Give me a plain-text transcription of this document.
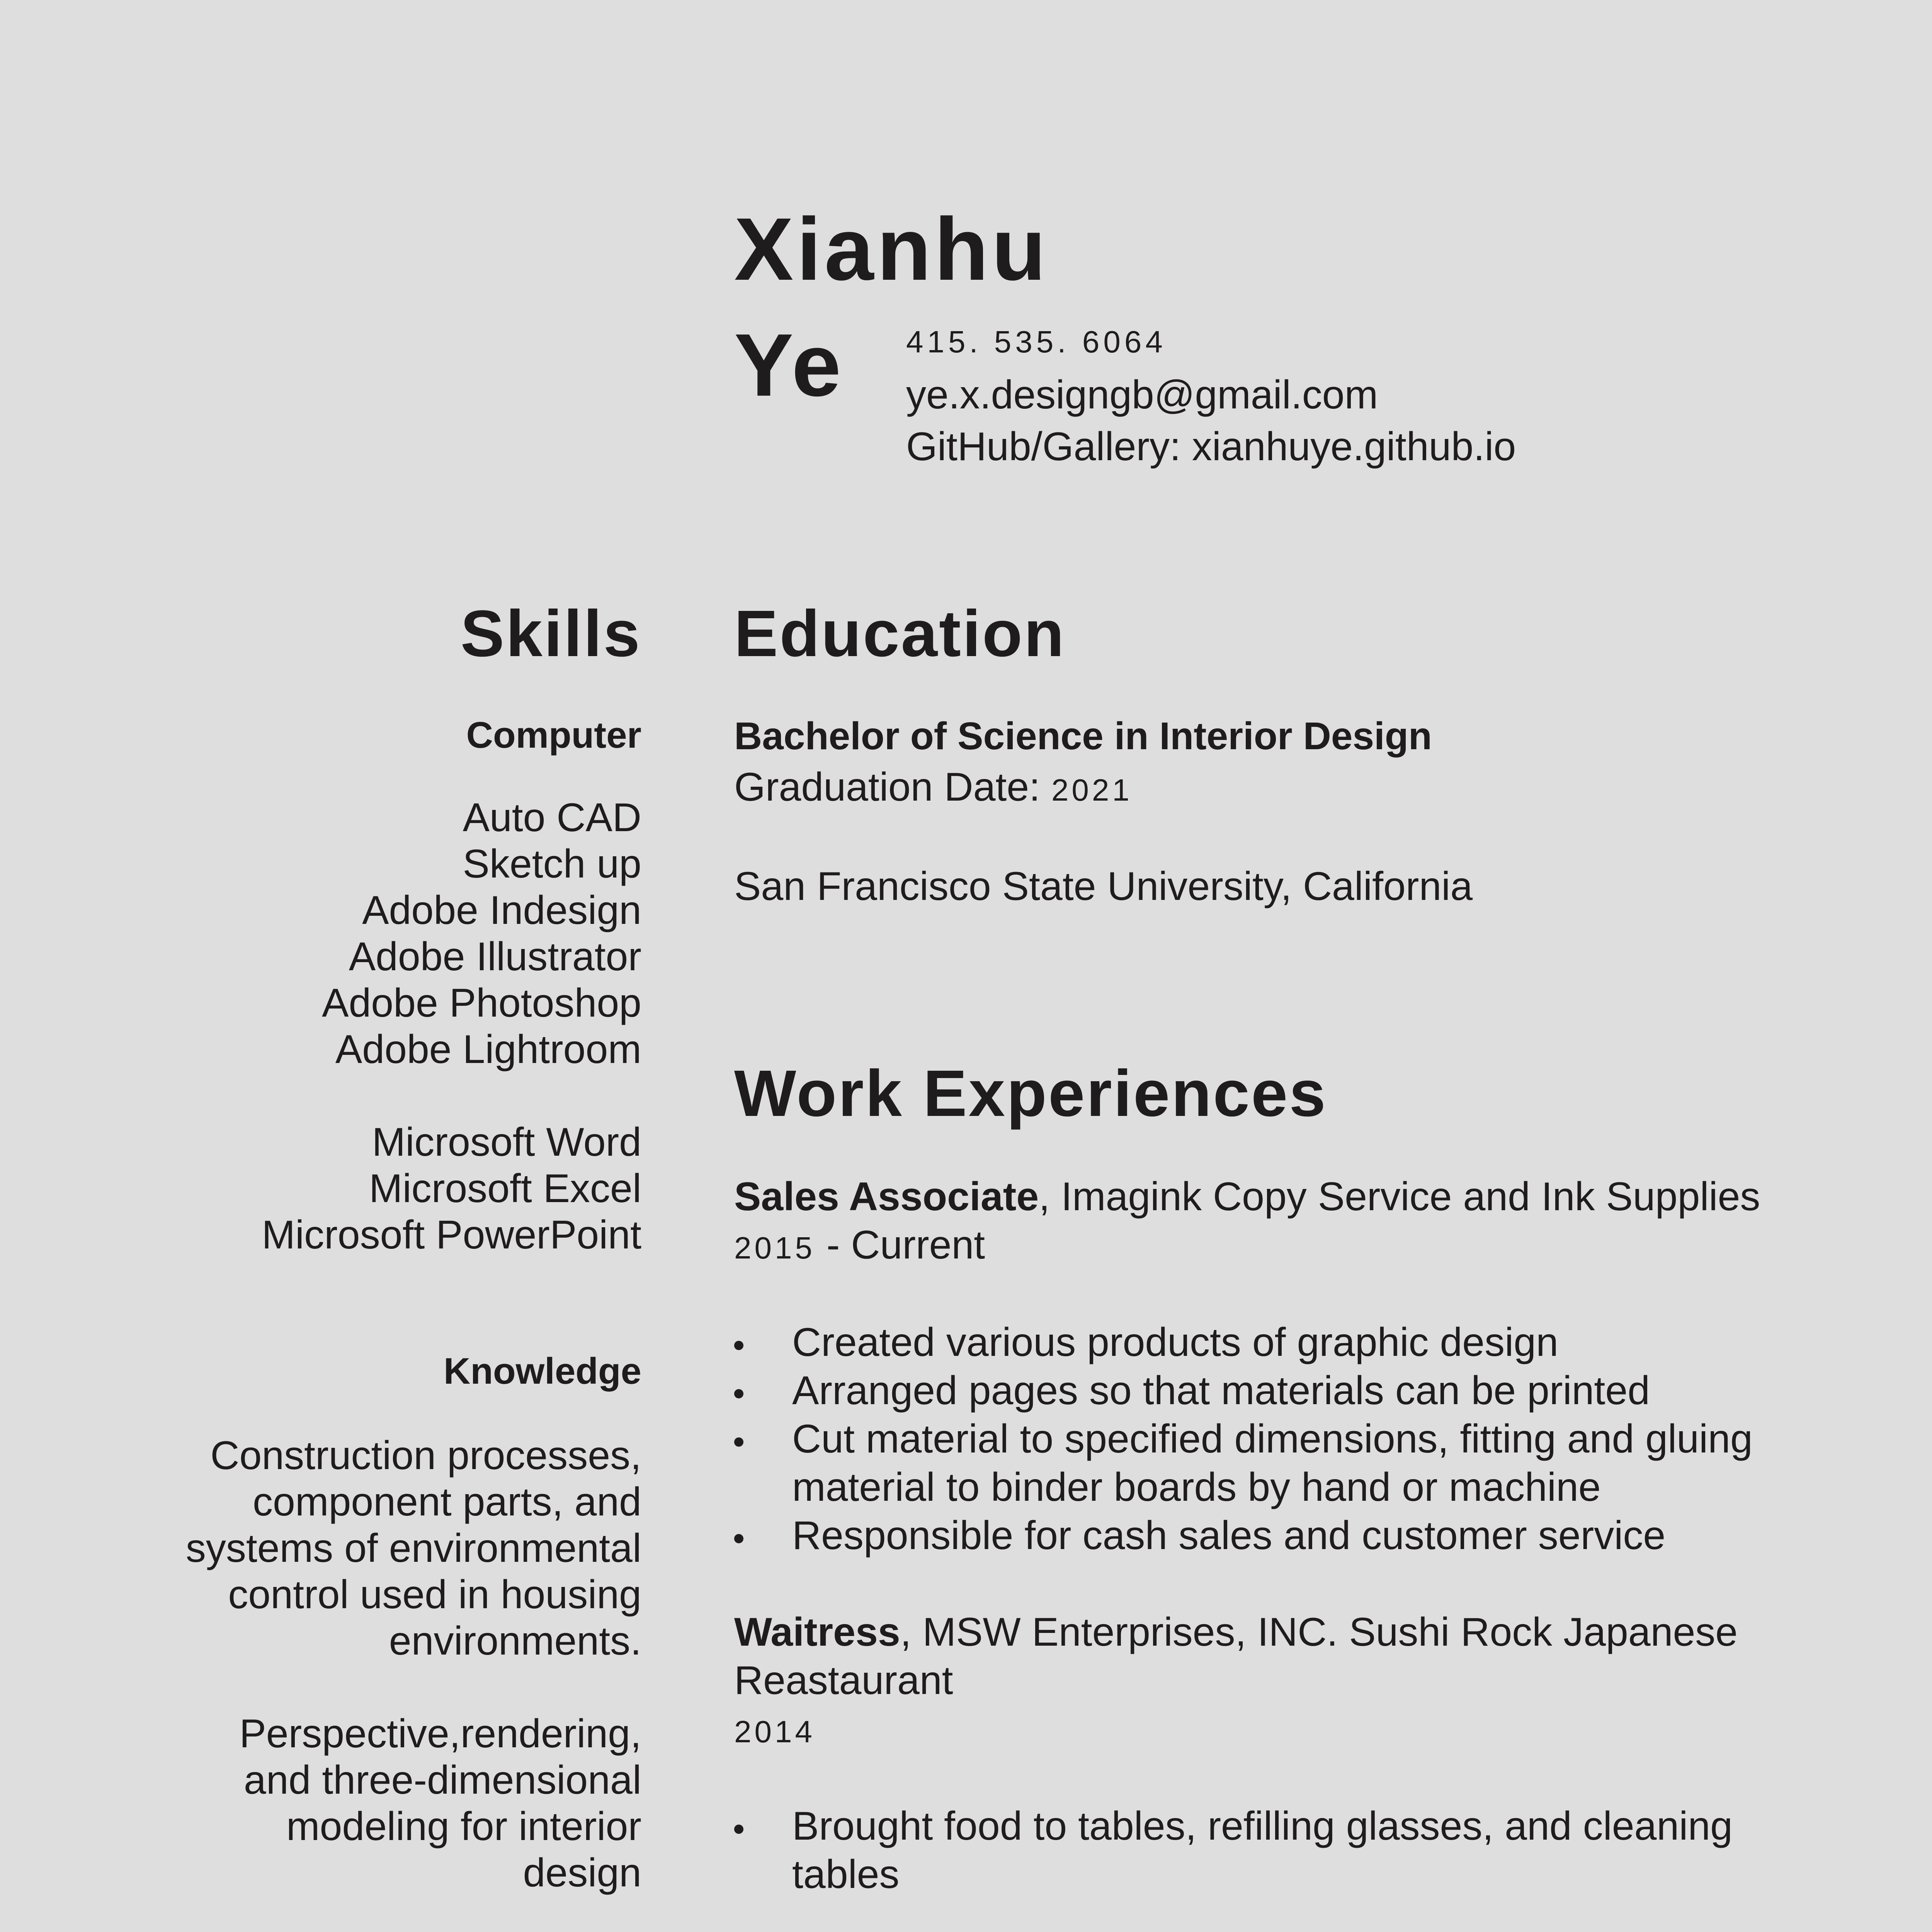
Xianhu
Ye 415. 535. 6064
ye.x.designgb@gmail.com
GitHub/Gallery: xianhuye.github.io
Skills
Computer
Auto CAD
Sketch up
Adobe Indesign
Adobe Illustrator
Adobe Photoshop
Adobe Lightroom
Microsoft Word
Microsoft Excel
Microsoft PowerPoint
Knowledge
Construction processes,
component parts, and
systems of environmental
control used in housing
environments.
Perspective,rendering,
and three-dimensional
modeling for interior
design
Education
Bachelor of Science in Interior Design
Graduation Date: 2021
San Francisco State University, California
Work Experiences
Sales Associate, Imagink Copy Service and Ink Supplies
2015 - Current
Created various products of graphic design
Arranged pages so that materials can be printed
Cut material to specified dimensions, fitting and gluing
material to binder boards by hand or machine
Responsible for cash sales and customer service
Waitress, MSW Enterprises, INC. Sushi Rock Japanese
Reastaurant
2014
Brought food to tables, refilling glasses, and cleaning
tables
